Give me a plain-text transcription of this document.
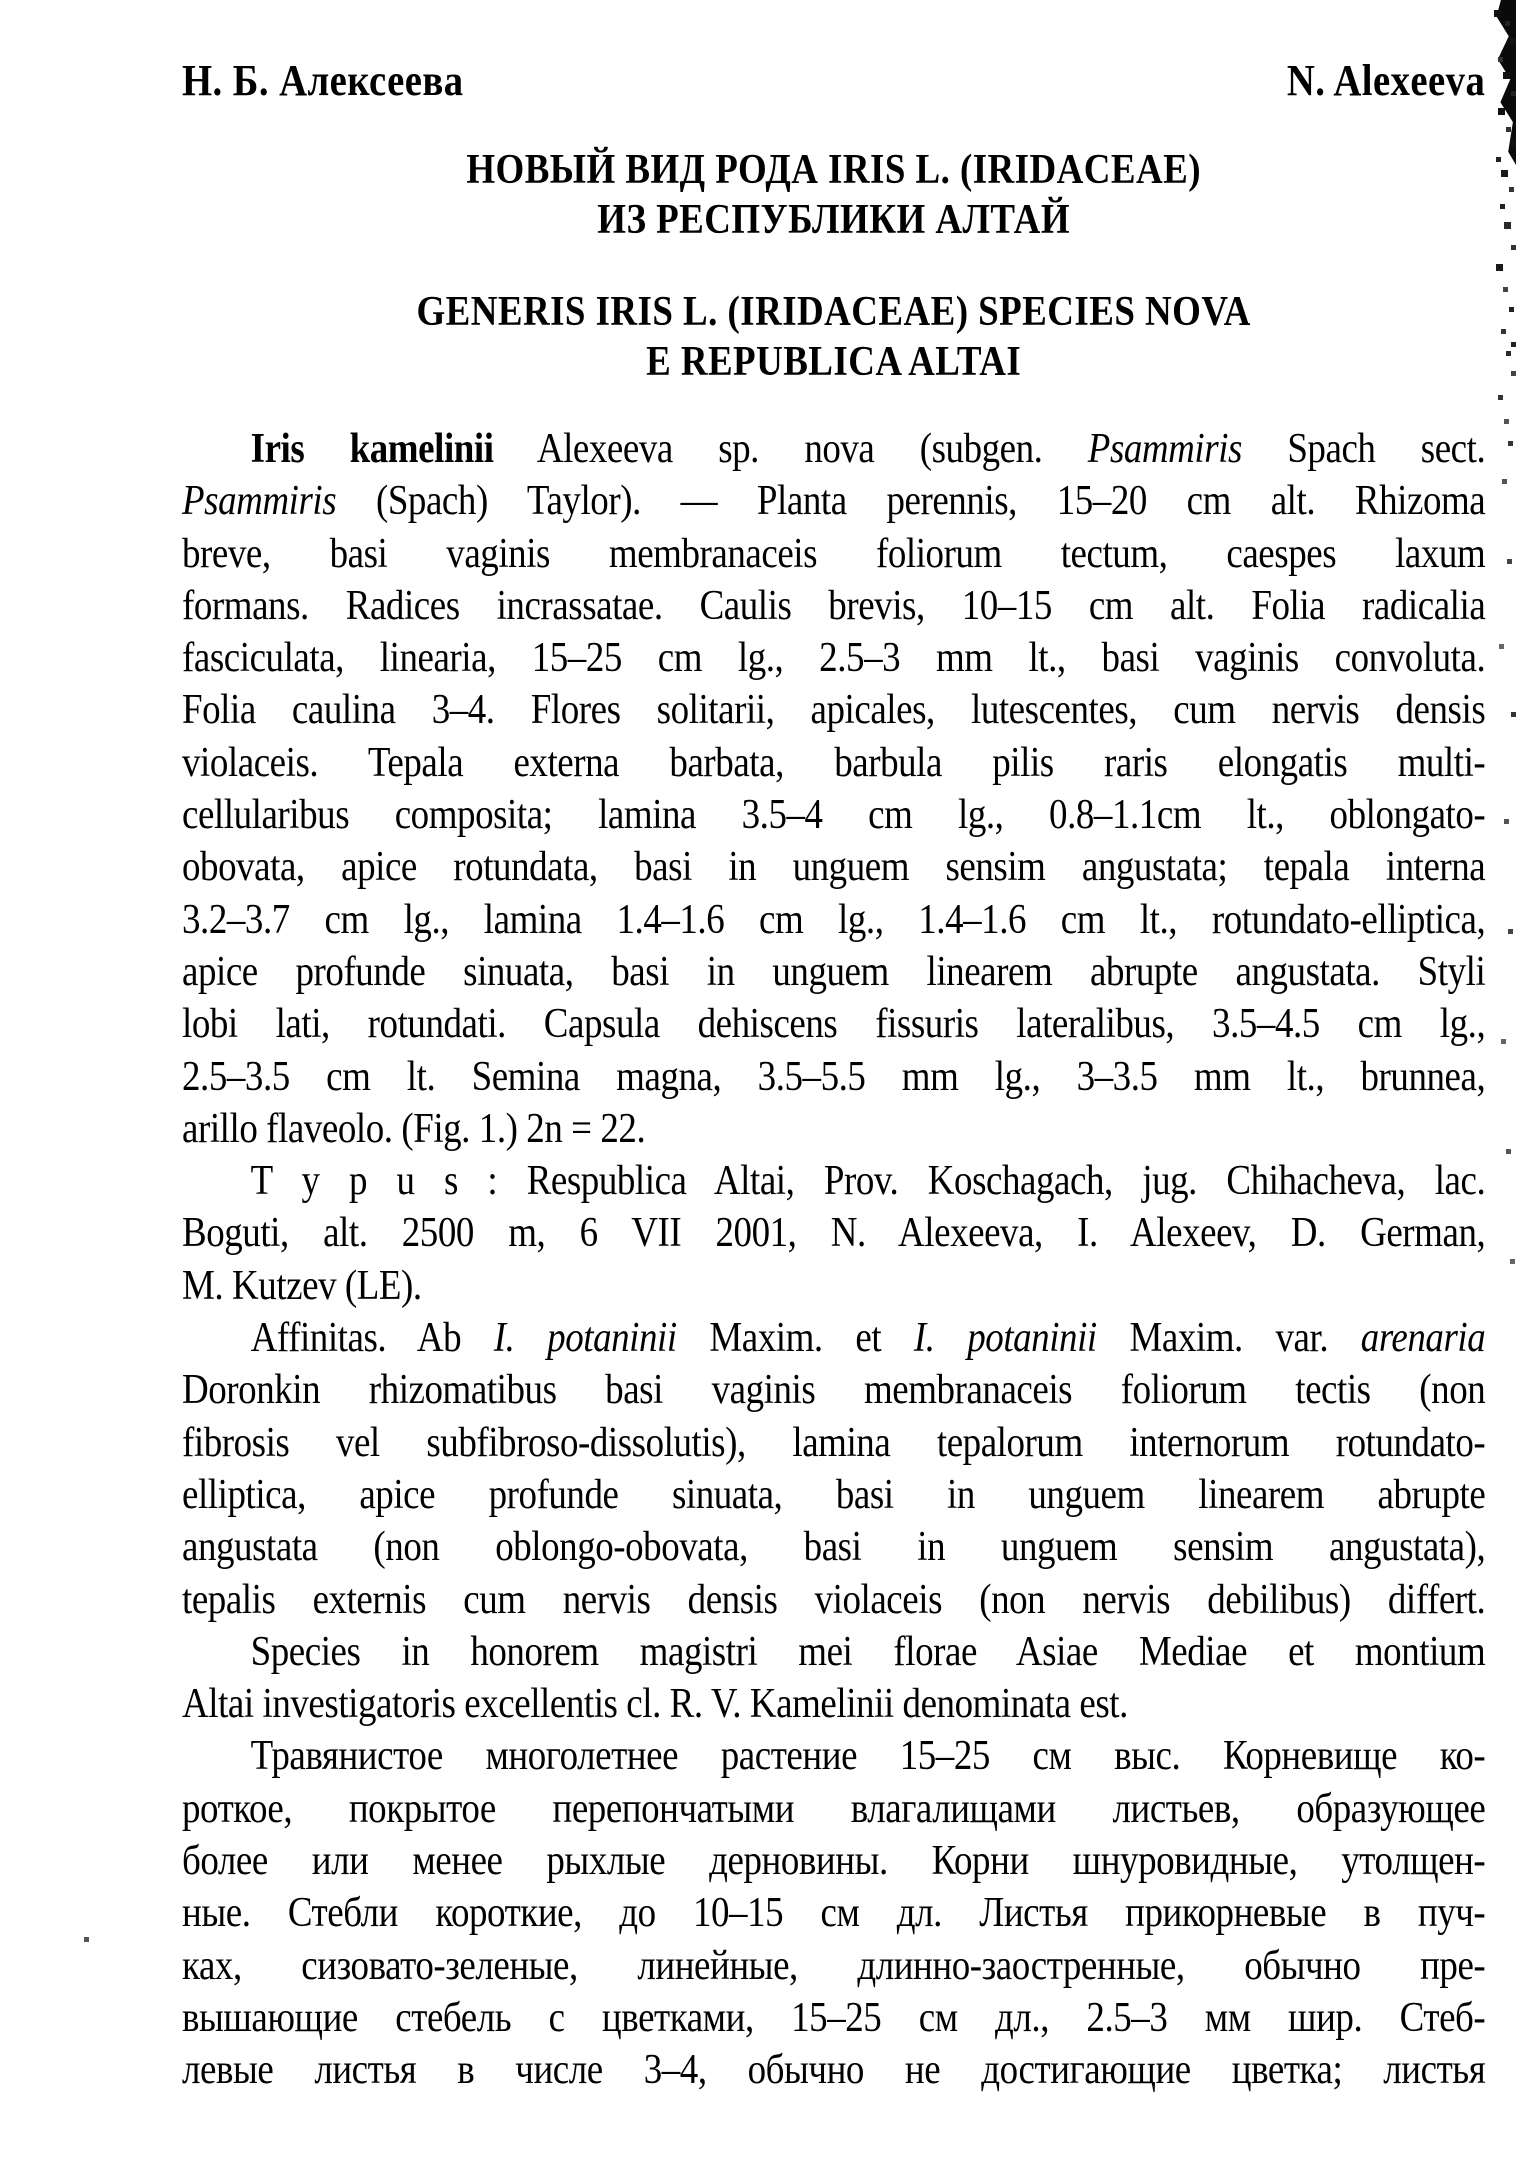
Н. Б. Алексеева	N. Alexeeva
НОВЫЙ ВИД РОДА IRIS L. (IRIDACEAE)
ИЗ РЕСПУБЛИКИ АЛТАЙ
GENERIS IRIS L. (IRIDACEAE) SPECIES NOVA
E REPUBLICA ALTAI
Iris kamelinii Alexeeva sp. nova (subgen. Psammiris Spach sect.
Psammiris (Spach) Taylor). — Planta perennis, 15–20 cm alt. Rhizoma
breve, basi vaginis membranaceis foliorum tectum, caespes laxum
formans. Radices incrassatae. Caulis brevis, 10–15 cm alt. Folia radicalia
fasciculata, linearia, 15–25 cm lg., 2.5–3 mm lt., basi vaginis convoluta.
Folia caulina 3–4. Flores solitarii, apicales, lutescentes, cum nervis densis
violaceis. Tepala externa barbata, barbula pilis raris elongatis multi-
cellularibus composita; lamina 3.5–4 cm lg., 0.8–1.1cm lt., oblongato-
obovata, apice rotundata, basi in unguem sensim angustata; tepala interna
3.2–3.7 cm lg., lamina 1.4–1.6 cm lg., 1.4–1.6 cm lt., rotundato-elliptica,
apice profunde sinuata, basi in unguem linearem abrupte angustata. Styli
lobi lati, rotundati. Capsula dehiscens fissuris lateralibus, 3.5–4.5 cm lg.,
2.5–3.5 cm lt. Semina magna, 3.5–5.5 mm lg., 3–3.5 mm lt., brunnea,
arillo flaveolo. (Fig. 1.) 2n = 22.
T y p u s : Respublica Altai, Prov. Koschagach, jug. Chihacheva, lac.
Boguti, alt. 2500 m, 6 VII 2001, N. Alexeeva, I. Alexeev, D. German,
M. Kutzev (LE).
Affinitas. Ab I. potaninii Maxim. et I. potaninii Maxim. var. arenaria
Doronkin rhizomatibus basi vaginis membranaceis foliorum tectis (non
fibrosis vel subfibroso-dissolutis), lamina tepalorum internorum rotundato-
elliptica, apice profunde sinuata, basi in unguem linearem abrupte
angustata (non oblongo-obovata, basi in unguem sensim angustata),
tepalis externis cum nervis densis violaceis (non nervis debilibus) differt.
Species in honorem magistri mei florae Asiae Mediae et montium
Altai investigatoris excellentis cl. R. V. Kamelinii denominata est.
Травянистое многолетнее растение 15–25 см выс. Корневище ко-
роткое, покрытое перепончатыми влагалищами листьев, образующее
более или менее рыхлые дерновины. Корни шнуровидные, утолщен-
ные. Стебли короткие, до 10–15 см дл. Листья прикорневые в пуч-
ках, сизовато-зеленые, линейные, длинно-заостренные, обычно пре-
вышающие стебель с цветками, 15–25 см дл., 2.5–3 мм шир. Стеб-
левые листья в числе 3–4, обычно не достигающие цветка; листья
